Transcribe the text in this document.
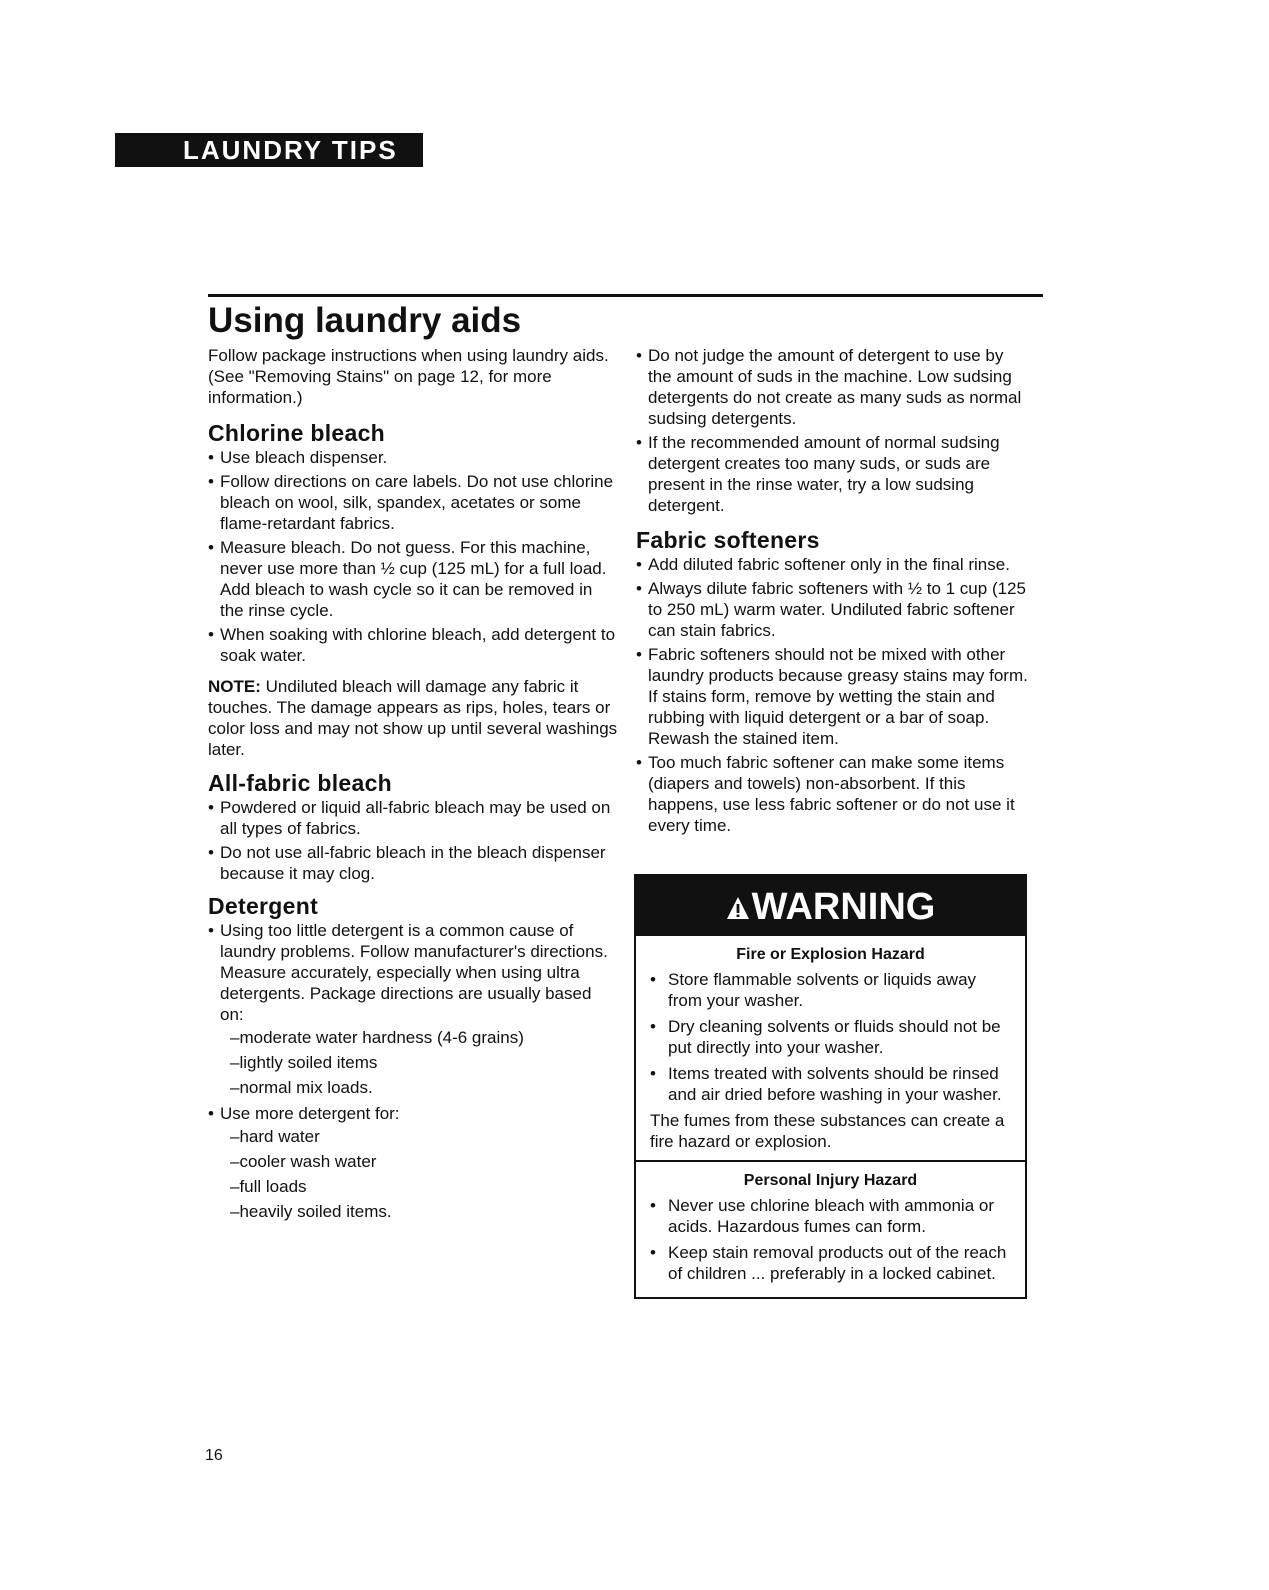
LAUNDRY TIPS
Using laundry aids

Follow package instructions when using laundry aids. (See "Removing Stains" on page 12, for more information.)

Chlorine bleach
• Use bleach dispenser.
• Follow directions on care labels. Do not use chlorine bleach on wool, silk, spandex, acetates or some flame-retardant fabrics.
• Measure bleach. Do not guess. For this machine, never use more than ½ cup (125 mL) for a full load. Add bleach to wash cycle so it can be removed in the rinse cycle.
• When soaking with chlorine bleach, add detergent to soak water.

NOTE: Undiluted bleach will damage any fabric it touches. The damage appears as rips, holes, tears or color loss and may not show up until several washings later.

All-fabric bleach
• Powdered or liquid all-fabric bleach may be used on all types of fabrics.
• Do not use all-fabric bleach in the bleach dispenser because it may clog.
Detergent
• Using too little detergent is a common cause of laundry problems. Follow manufacturer's directions. Measure accurately, especially when using ultra detergents. Package directions are usually based on:
–moderate water hardness (4-6 grains)
–lightly soiled items
–normal mix loads.
• Use more detergent for:
–hard water
–cooler wash water
–full loads
–heavily soiled items.
• Do not judge the amount of detergent to use by the amount of suds in the machine. Low sudsing detergents do not create as many suds as normal sudsing detergents.
• If the recommended amount of normal sudsing detergent creates too many suds, or suds are present in the rinse water, try a low sudsing detergent.
Fabric softeners
• Add diluted fabric softener only in the final rinse.
• Always dilute fabric softeners with ½ to 1 cup (125 to 250 mL) warm water. Undiluted fabric softener can stain fabrics.
• Fabric softeners should not be mixed with other laundry products because greasy stains may form. If stains form, remove by wetting the stain and rubbing with liquid detergent or a bar of soap. Rewash the stained item.
• Too much fabric softener can make some items (diapers and towels) non-absorbent. If this happens, use less fabric softener or do not use it every time.
WARNING
Fire or Explosion Hazard
• Store flammable solvents or liquids away from your washer.
• Dry cleaning solvents or fluids should not be put directly into your washer.
• Items treated with solvents should be rinsed and air dried before washing in your washer.

The fumes from these substances can create a fire hazard or explosion.

Personal Injury Hazard
• Never use chlorine bleach with ammonia or acids. Hazardous fumes can form.
• Keep stain removal products out of the reach of children ... preferably in a locked cabinet.
16
